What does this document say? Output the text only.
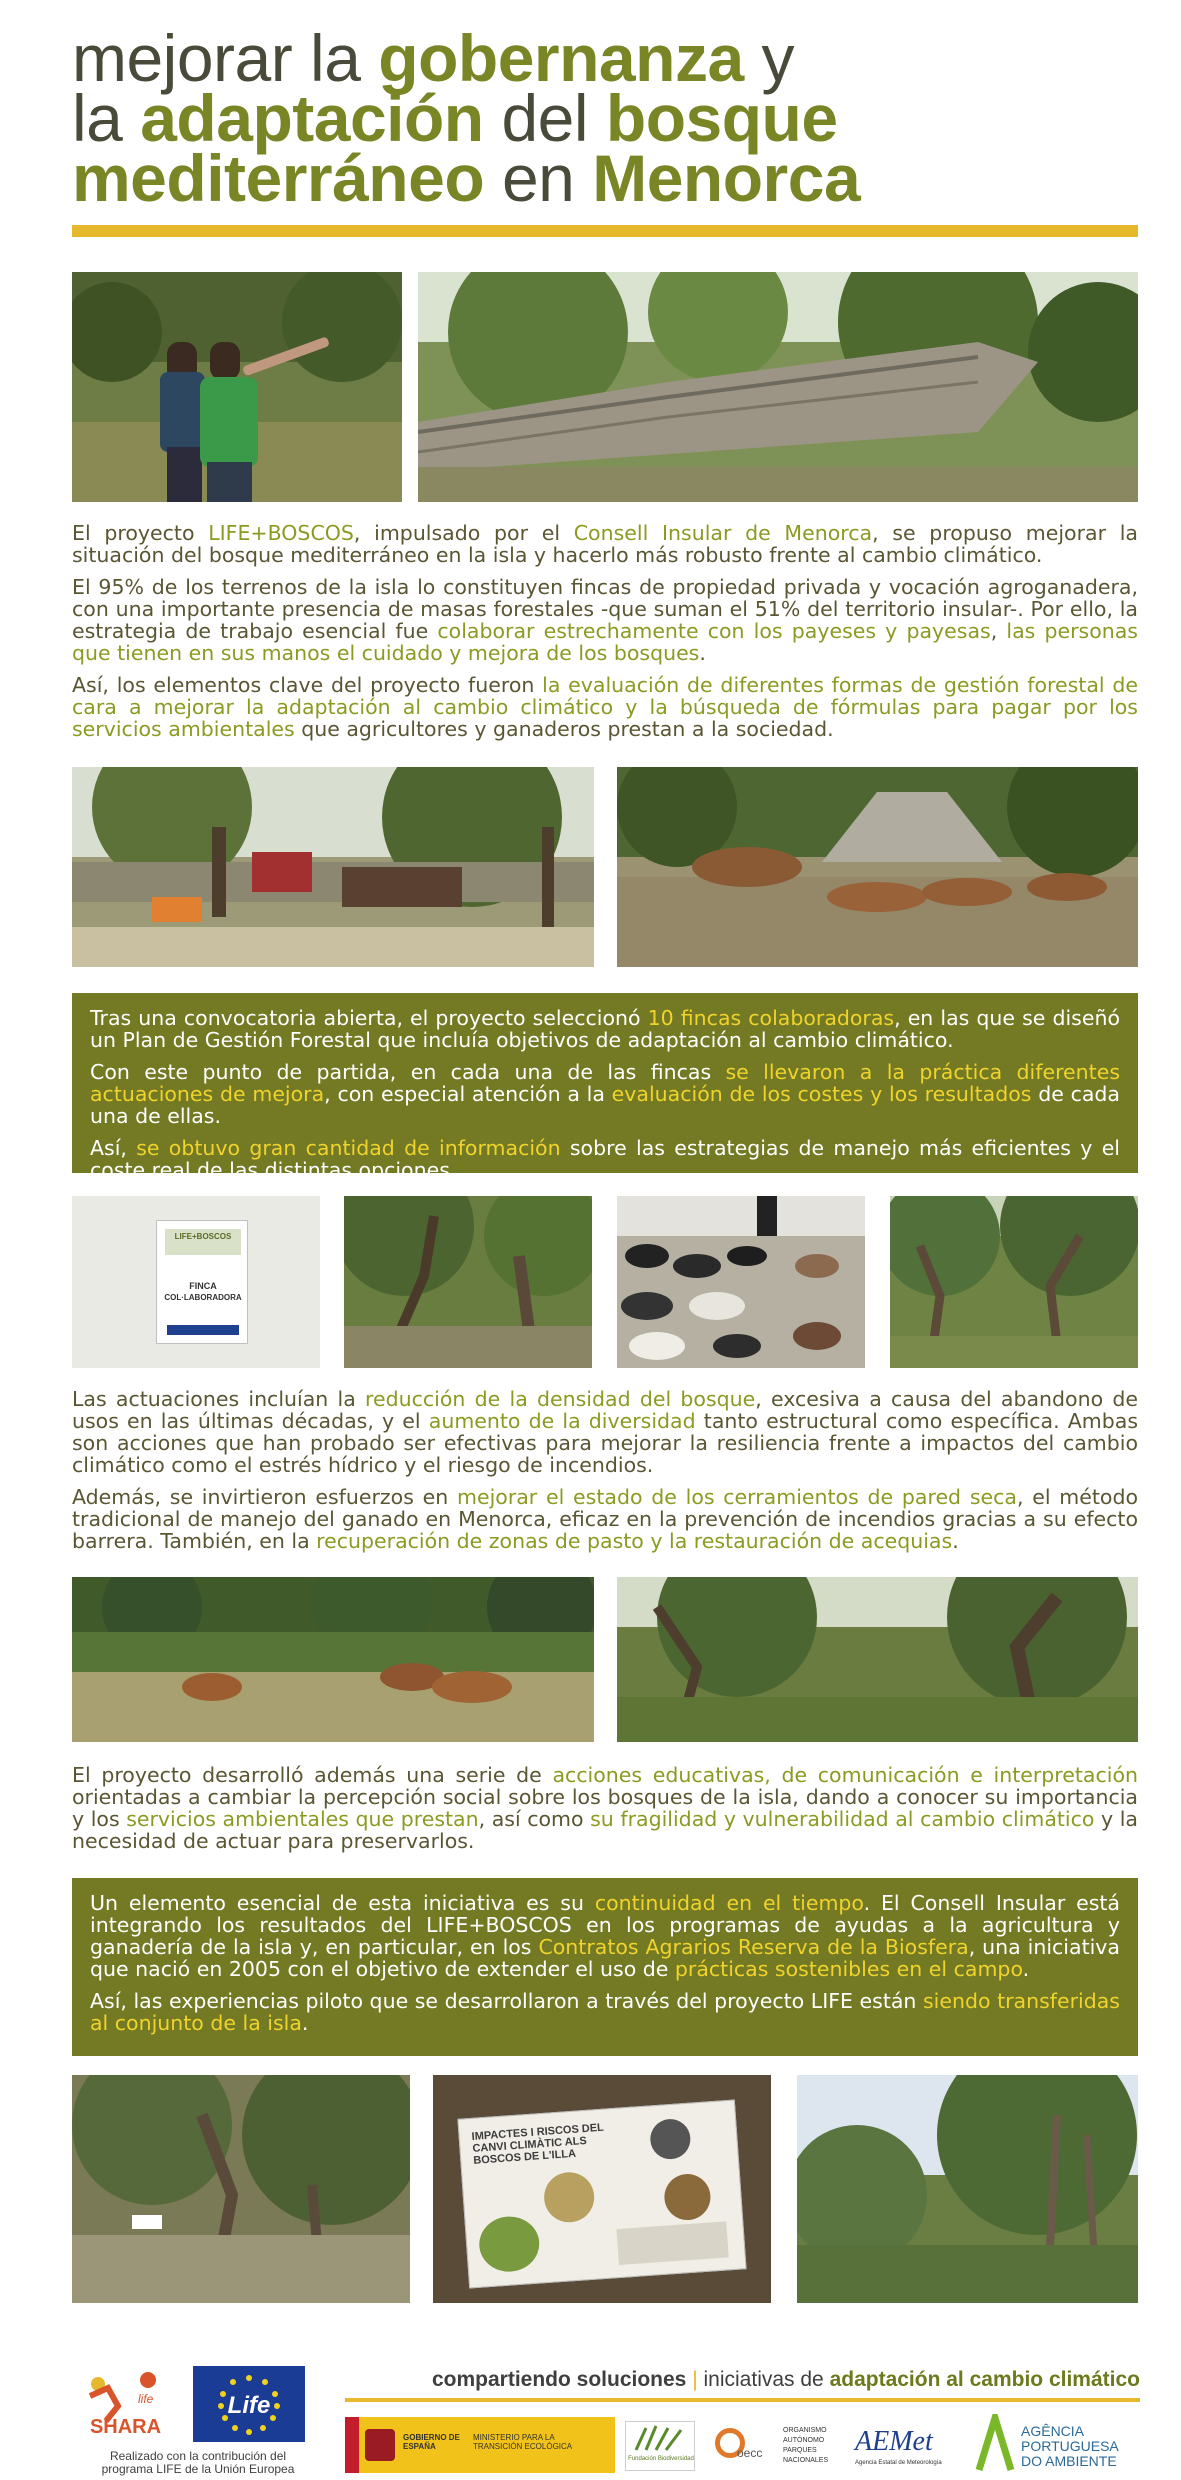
mejorar la gobernanza y
la adaptación del bosque
mediterráneo en Menorca

El proyecto LIFE+BOSCOS, impulsado por el Consell Insular de Menorca, se propuso mejorar la situación del bosque mediterráneo en la isla y hacerlo más robusto frente al cambio climático.

El 95% de los terrenos de la isla lo constituyen fincas de propiedad privada y vocación agroganadera, con una importante presencia de masas forestales -que suman el 51% del territorio insular-. Por ello, la estrategia de trabajo esencial fue colaborar estrechamente con los payeses y payesas, las personas que tienen en sus manos el cuidado y mejora de los bosques.

Así, los elementos clave del proyecto fueron la evaluación de diferentes formas de gestión forestal de cara a mejorar la adaptación al cambio climático y la búsqueda de fórmulas para pagar por los servicios ambientales que agricultores y ganaderos prestan a la sociedad.

Tras una convocatoria abierta, el proyecto seleccionó 10 fincas colaboradoras, en las que se diseñó un Plan de Gestión Forestal que incluía objetivos de adaptación al cambio climático.

Con este punto de partida, en cada una de las fincas se llevaron a la práctica diferentes actuaciones de mejora, con especial atención a la evaluación de los costes y los resultados de cada una de ellas.

Así, se obtuvo gran cantidad de información sobre las estrategias de manejo más eficientes y el coste real de las distintas opciones.

LIFE+BOSCOS
FINCA
COL·LABORADORA

Las actuaciones incluían la reducción de la densidad del bosque, excesiva a causa del abandono de usos en las últimas décadas, y el aumento de la diversidad tanto estructural como específica. Ambas son acciones que han probado ser efectivas para mejorar la resiliencia frente a impactos del cambio climático como el estrés hídrico y el riesgo de incendios.

Además, se invirtieron esfuerzos en mejorar el estado de los cerramientos de pared seca, el método tradicional de manejo del ganado en Menorca, eficaz en la prevención de incendios gracias a su efecto barrera. También, en la recuperación de zonas de pasto y la restauración de acequias.

El proyecto desarrolló además una serie de acciones educativas, de comunicación e interpretación orientadas a cambiar la percepción social sobre los bosques de la isla, dando a conocer su importancia y los servicios ambientales que prestan, así como su fragilidad y vulnerabilidad al cambio climático y la necesidad de actuar para preservarlos.

Un elemento esencial de esta iniciativa es su continuidad en el tiempo. El Consell Insular está integrando los resultados del LIFE+BOSCOS en los programas de ayudas a la agricultura y ganadería de la isla y, en particular, en los Contratos Agrarios Reserva de la Biosfera, una iniciativa que nació en 2005 con el objetivo de extender el uso de prácticas sostenibles en el campo.

Así, las experiencias piloto que se desarrollaron a través del proyecto LIFE están siendo transferidas al conjunto de la isla.

IMPACTES I RISCOS DEL CANVI CLIMÀTIC ALS BOSCOS DE L'ILLA
compartiendo soluciones | iniciativas de adaptación al cambio climático
life
SHARA
Life
Realizado con la contribución del
programa LIFE de la Unión Europea
GOBIERNO DE ESPAÑA
MINISTERIO PARA LA TRANSICIÓN ECOLÓGICA
Fundación Biodiversidad	oecc
ORGANISMO
AUTÓNOMO
PARQUES
NACIONALES
AEMet
Agencia Estatal de Meteorología
AGÊNCIA
PORTUGUESA
DO AMBIENTE
